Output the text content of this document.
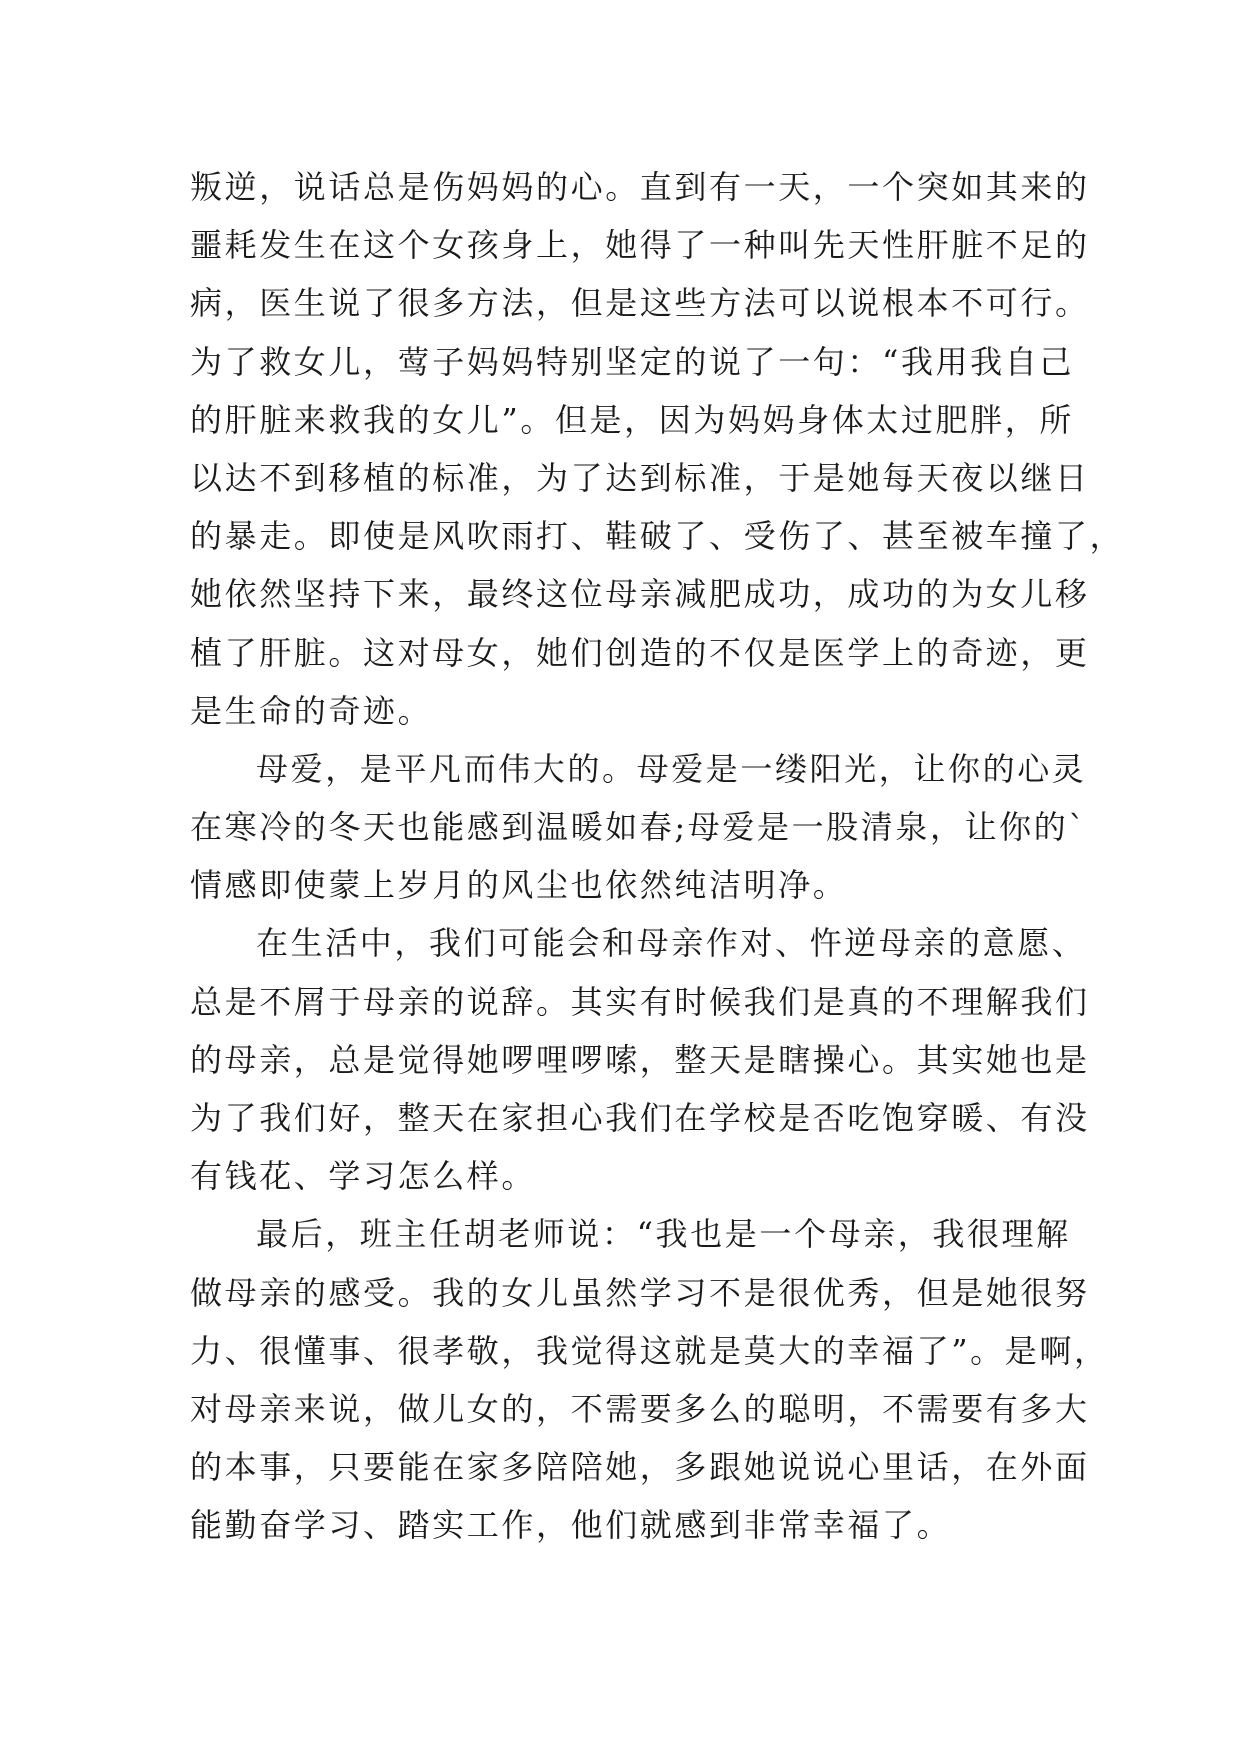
叛逆，说话总是伤妈妈的心。直到有一天，一个突如其来的
噩耗发生在这个女孩身上，她得了一种叫先天性肝脏不足的
病，医生说了很多方法，但是这些方法可以说根本不可行。
为了救女儿，莺子妈妈特别坚定的说了一句：“我用我自己
的肝脏来救我的女儿”。但是，因为妈妈身体太过肥胖，所
以达不到移植的标准，为了达到标准，于是她每天夜以继日
的暴走。即使是风吹雨打、鞋破了、受伤了、甚至被车撞了，
她依然坚持下来，最终这位母亲减肥成功，成功的为女儿移
植了肝脏。这对母女，她们创造的不仅是医学上的奇迹，更
是生命的奇迹。
母爱，是平凡而伟大的。母爱是一缕阳光，让你的心灵
在寒冷的冬天也能感到温暖如春;母爱是一股清泉，让你的`
情感即使蒙上岁月的风尘也依然纯洁明净。
在生活中，我们可能会和母亲作对、忤逆母亲的意愿、
总是不屑于母亲的说辞。其实有时候我们是真的不理解我们
的母亲，总是觉得她啰哩啰嗦，整天是瞎操心。其实她也是
为了我们好，整天在家担心我们在学校是否吃饱穿暖、有没
有钱花、学习怎么样。
最后，班主任胡老师说：“我也是一个母亲，我很理解
做母亲的感受。我的女儿虽然学习不是很优秀，但是她很努
力、很懂事、很孝敬，我觉得这就是莫大的幸福了”。是啊，
对母亲来说，做儿女的，不需要多么的聪明，不需要有多大
的本事，只要能在家多陪陪她，多跟她说说心里话，在外面
能勤奋学习、踏实工作，他们就感到非常幸福了。
